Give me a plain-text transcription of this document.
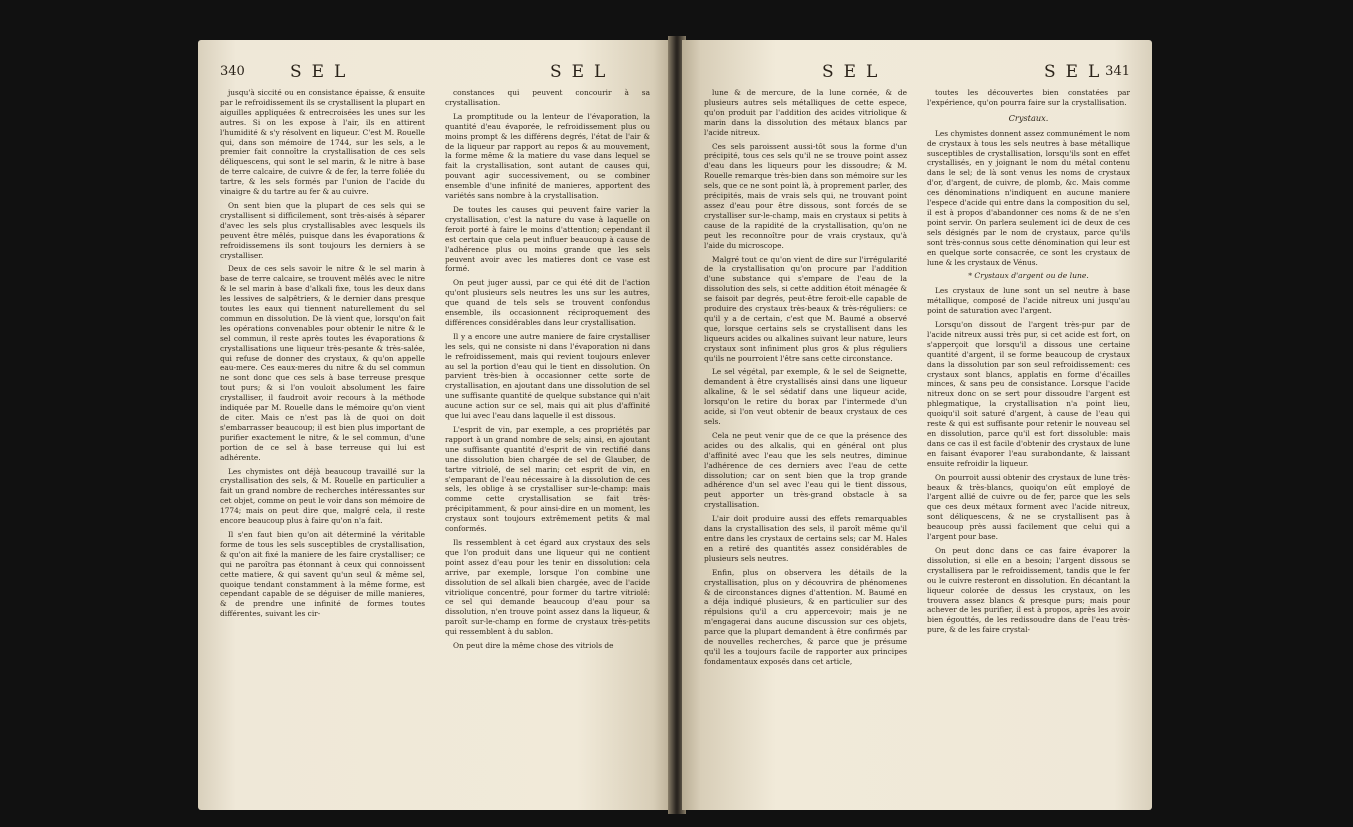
340	SEL	SEL

jusqu'à siccité ou en consistance épaisse, & ensuite par le refroidissement ils se crystallisent la plupart en aiguilles appliquées & entrecroisées les unes sur les autres. Si on les expose à l'air, ils en attirent l'humidité & s'y résolvent en liqueur. C'est M. Rouelle qui, dans son mémoire de 1744, sur les sels, a le premier fait connoître la crystallisation de ces sels déliquescens, qui sont le sel marin, & le nitre à base de terre calcaire, de cuivre & de fer, la terre foliée du tartre, & les sels formés par l'union de l'acide du vinaigre & du tartre au fer & au cuivre.

On sent bien que la plupart de ces sels qui se crystallisent si difficilement, sont très-aisés à séparer d'avec les sels plus crystallisables avec lesquels ils peuvent être mêlés, puisque dans les évaporations & refroidissemens ils sont toujours les derniers à se crystalliser.

Deux de ces sels savoir le nitre & le sel marin à base de terre calcaire, se trouvent mêlés avec le nitre & le sel marin à base d'alkali fixe, tous les deux dans les lessives de salpêtriers, & le dernier dans presque toutes les eaux qui tiennent naturellement du sel commun en dissolution. De là vient que, lorsqu'on fait les opérations convenables pour obtenir le nitre & le sel commun, il reste après toutes les évaporations & crystallisations une liqueur très-pesante & très-salée, qui refuse de donner des crystaux, & qu'on appelle eau-mere. Ces eaux-meres du nitre & du sel commun ne sont donc que ces sels à base terreuse presque tout purs; & si l'on vouloit absolument les faire crystalliser, il faudroit avoir recours à la méthode indiquée par M. Rouelle dans le mémoire qu'on vient de citer. Mais ce n'est pas là de quoi on doit s'embarrasser beaucoup; il est bien plus important de purifier exactement le nitre, & le sel commun, d'une portion de ce sel à base terreuse qui lui est adhérente.

Les chymistes ont déjà beaucoup travaillé sur la crystallisation des sels, & M. Rouelle en particulier a fait un grand nombre de recherches intéressantes sur cet objet, comme on peut le voir dans son mémoire de 1774; mais on peut dire que, malgré cela, il reste encore beaucoup plus à faire qu'on n'a fait.

Il s'en faut bien qu'on ait déterminé la véritable forme de tous les sels susceptibles de crystallisation, & qu'on ait fixé la maniere de les faire crystalliser; ce qui ne paroîtra pas étonnant à ceux qui connoissent cette matiere, & qui savent qu'un seul & même sel, quoique tendant constamment à la même forme, est cependant capable de se déguiser de mille manieres, & de prendre une infinité de formes toutes différentes, suivant les cir-

constances qui peuvent concourir à sa crystallisation.

La promptitude ou la lenteur de l'évaporation, la quantité d'eau évaporée, le refroidissement plus ou moins prompt & les différens degrés, l'état de l'air & de la liqueur par rapport au repos & au mouvement, la forme même & la matiere du vase dans lequel se fait la crystallisation, sont autant de causes qui, pouvant agir successivement, ou se combiner ensemble d'une infinité de manieres, apportent des variétés sans nombre à la crystallisation.

De toutes les causes qui peuvent faire varier la crystallisation, c'est la nature du vase à laquelle on feroit porté à faire le moins d'attention; cependant il est certain que cela peut influer beaucoup à cause de l'adhérence plus ou moins grande que les sels peuvent avoir avec les matieres dont ce vase est formé.

On peut juger aussi, par ce qui été dit de l'action qu'ont plusieurs sels neutres les uns sur les autres, que quand de tels sels se trouvent confondus ensemble, ils occasionnent réciproquement des différences considérables dans leur crystallisation.

Il y a encore une autre maniere de faire crystalliser les sels, qui ne consiste ni dans l'évaporation ni dans le refroidissement, mais qui revient toujours enlever au sel la portion d'eau qui le tient en dissolution. On parvient très-bien à occasionner cette sorte de crystallisation, en ajoutant dans une dissolution de sel une suffisante quantité de quelque substance qui n'ait aucune action sur ce sel, mais qui ait plus d'affinité que lui avec l'eau dans laquelle il est dissous.

L'esprit de vin, par exemple, a ces propriétés par rapport à un grand nombre de sels; ainsi, en ajoutant une suffisante quantité d'esprit de vin rectifié dans une dissolution bien chargée de sel de Glauber, de tartre vitriolé, de sel marin; cet esprit de vin, en s'emparant de l'eau nécessaire à la dissolution de ces sels, les oblige à se crystalliser sur-le-champ: mais comme cette crystallisation se fait très-précipitamment, & pour ainsi-dire en un moment, les crystaux sont toujours extrêmement petits & mal conformés.

Ils ressemblent à cet égard aux crystaux des sels que l'on produit dans une liqueur qui ne contient point assez d'eau pour les tenir en dissolution: cela arrive, par exemple, lorsque l'on combine une dissolution de sel alkali bien chargée, avec de l'acide vitriolique concentré, pour former du tartre vitriolé: ce sel qui demande beaucoup d'eau pour sa dissolution, n'en trouve point assez dans la liqueur, & paroît sur-le-champ en forme de crystaux très-petits qui ressemblent à du sablon.

On peut dire la même chose des vitriols de

SEL	SEL
341

lune & de mercure, de la lune cornée, & de plusieurs autres sels métalliques de cette espece, qu'on produit par l'addition des acides vitriolique & marin dans la dissolution des métaux blancs par l'acide nitreux.

Ces sels paroissent aussi-tôt sous la forme d'un précipité, tous ces sels qu'il ne se trouve point assez d'eau dans les liqueurs pour les dissoudre; & M. Rouelle remarque très-bien dans son mémoire sur les sels, que ce ne sont point là, à proprement parler, des précipités, mais de vrais sels qui, ne trouvant point assez d'eau pour être dissous, sont forcés de se crystalliser sur-le-champ, mais en crystaux si petits à cause de la rapidité de la crystallisation, qu'on ne peut les reconnoître pour de vrais crystaux, qu'à l'aide du microscope.

Malgré tout ce qu'on vient de dire sur l'irrégularité de la crystallisation qu'on procure par l'addition d'une substance qui s'empare de l'eau de la dissolution des sels, si cette addition étoit ménagée & se faisoit par degrés, peut-être feroit-elle capable de produire des crystaux très-beaux & très-réguliers: ce qu'il y a de certain, c'est que M. Baumé a observé que, lorsque certains sels se crystallisent dans les liqueurs acides ou alkalines suivant leur nature, leurs crystaux sont infiniment plus gros & plus réguliers qu'ils ne pourroient l'être sans cette circonstance.

Le sel végétal, par exemple, & le sel de Seignette, demandent à être crystallisés ainsi dans une liqueur alkaline, & le sel sédatif dans une liqueur acide, lorsqu'on le retire du borax par l'intermede d'un acide, si l'on veut obtenir de beaux crystaux de ces sels.

Cela ne peut venir que de ce que la présence des acides ou des alkalis, qui en général ont plus d'affinité avec l'eau que les sels neutres, diminue l'adhérence de ces derniers avec l'eau de cette dissolution; car on sent bien que la trop grande adhérence d'un sel avec l'eau qui le tient dissous, peut apporter un très-grand obstacle à sa crystallisation.

L'air doit produire aussi des effets remarquables dans la crystallisation des sels, il paroît même qu'il entre dans les crystaux de certains sels; car M. Hales en a retiré des quantités assez considérables de plusieurs sels neutres.

Enfin, plus on observera les détails de la crystallisation, plus on y découvrira de phénomenes & de circonstances dignes d'attention. M. Baumé en a déja indiqué plusieurs, & en particulier sur des répulsions qu'il a cru appercevoir; mais je ne m'engagerai dans aucune discussion sur ces objets, parce que la plupart demandent à être confirmés par de nouvelles recherches, & parce que je présume qu'il les a toujours facile de rapporter aux principes fondamentaux exposés dans cet article,

toutes les découvertes bien constatées par l'expérience, qu'on pourra faire sur la crystallisation.

Crystaux.

Les chymistes donnent assez communément le nom de crystaux à tous les sels neutres à base métallique susceptibles de crystallisation, lorsqu'ils sont en effet crystallisés, en y joignant le nom du métal contenu dans le sel; de là sont venus les noms de crystaux d'or, d'argent, de cuivre, de plomb, &c. Mais comme ces dénominations n'indiquent en aucune maniere l'espece d'acide qui entre dans la composition du sel, il est à propos d'abandonner ces noms & de ne s'en point servir. On parlera seulement ici de deux de ces sels désignés par le nom de crystaux, parce qu'ils sont très-connus sous cette dénomination qui leur est en quelque sorte consacrée, ce sont les crystaux de lune & les crystaux de Vénus.

* Crystaux d'argent ou de lune.

Les crystaux de lune sont un sel neutre à base métallique, composé de l'acide nitreux uni jusqu'au point de saturation avec l'argent.

Lorsqu'on dissout de l'argent très-pur par de l'acide nitreux aussi très pur, si cet acide est fort, on s'apperçoit que lorsqu'il a dissous une certaine quantité d'argent, il se forme beaucoup de crystaux dans la dissolution par son seul refroidissement: ces crystaux sont blancs, applatis en forme d'écailles minces, & sans peu de consistance. Lorsque l'acide nitreux donc on se sert pour dissoudre l'argent est phlegmatique, la crystallisation n'a point lieu, quoiqu'il soit saturé d'argent, à cause de l'eau qui reste & qui est suffisante pour retenir le nouveau sel en dissolution, parce qu'il est fort dissoluble: mais dans ce cas il est facile d'obtenir des crystaux de lune en faisant évaporer l'eau surabondante, & laissant ensuite refroidir la liqueur.

On pourroit aussi obtenir des crystaux de lune très-beaux & très-blancs, quoiqu'on eût employé de l'argent allié de cuivre ou de fer, parce que les sels que ces deux métaux forment avec l'acide nitreux, sont déliquescens, & ne se crystallisent pas à beaucoup près aussi facilement que celui qui a l'argent pour base.

On peut donc dans ce cas faire évaporer la dissolution, si elle en a besoin; l'argent dissous se crystallisera par le refroidissement, tandis que le fer ou le cuivre resteront en dissolution. En décantant la liqueur colorée de dessus les crystaux, on les trouvera assez blancs & presque purs; mais pour achever de les purifier, il est à propos, après les avoir bien égouttés, de les redissoudre dans de l'eau très-pure, & de les faire crystal-
